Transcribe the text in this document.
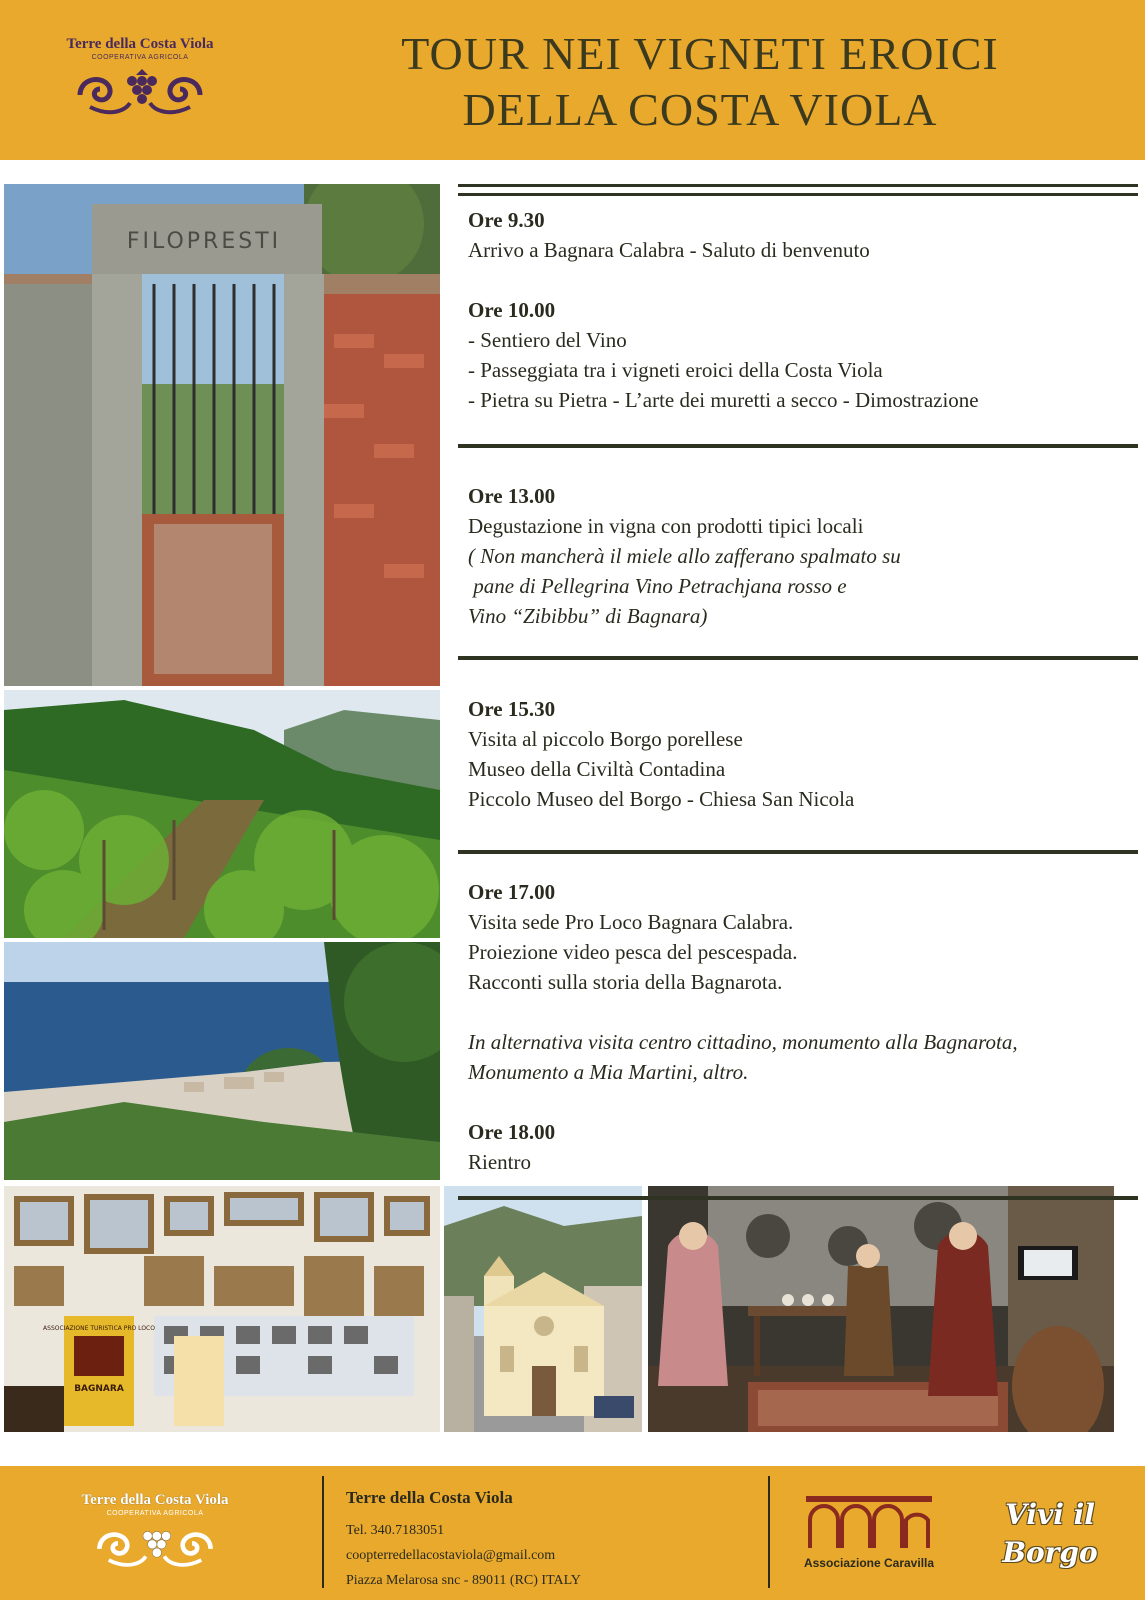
Terre della Costa Viola
COOPERATIVA AGRICOLA	TOUR NEI VIGNETI EROICI
DELLA COSTA VIOLA
FILOPRESTI
ASSOCIAZIONE TURISTICA PRO LOCO
BAGNARA

Ore 9.30

Arrivo a Bagnara Calabra - Saluto di benvenuto

Ore 10.00

- Sentiero del Vino

- Passeggiata tra i vigneti eroici della Costa Viola

- Pietra su Pietra - L’arte dei muretti a secco - Dimostrazione

Ore 13.00

Degustazione in vigna con prodotti tipici locali

( Non mancherà il miele allo zafferano spalmato su

pane di Pellegrina Vino Petrachjana rosso e

Vino “Zibibbu” di Bagnara)

Ore 15.30

Visita al piccolo Borgo porellese

Museo della Civiltà Contadina

Piccolo Museo del Borgo - Chiesa San Nicola

Ore 17.00

Visita sede Pro Loco Bagnara Calabra.

Proiezione video pesca del pescespada.

Racconti sulla storia della Bagnarota.

In alternativa visita centro cittadino, monumento alla Bagnarota,

Monumento a Mia Martini, altro.

Ore 18.00

Rientro

Terre della Costa Viola
COOPERATIVA AGRICOLA
Terre della Costa Viola
Tel. 340.7183051
coopterredellacostaviola@gmail.com
Piazza Melarosa snc - 89011 (RC) ITALY
Associazione Caravilla
Vivi il
Borgo
